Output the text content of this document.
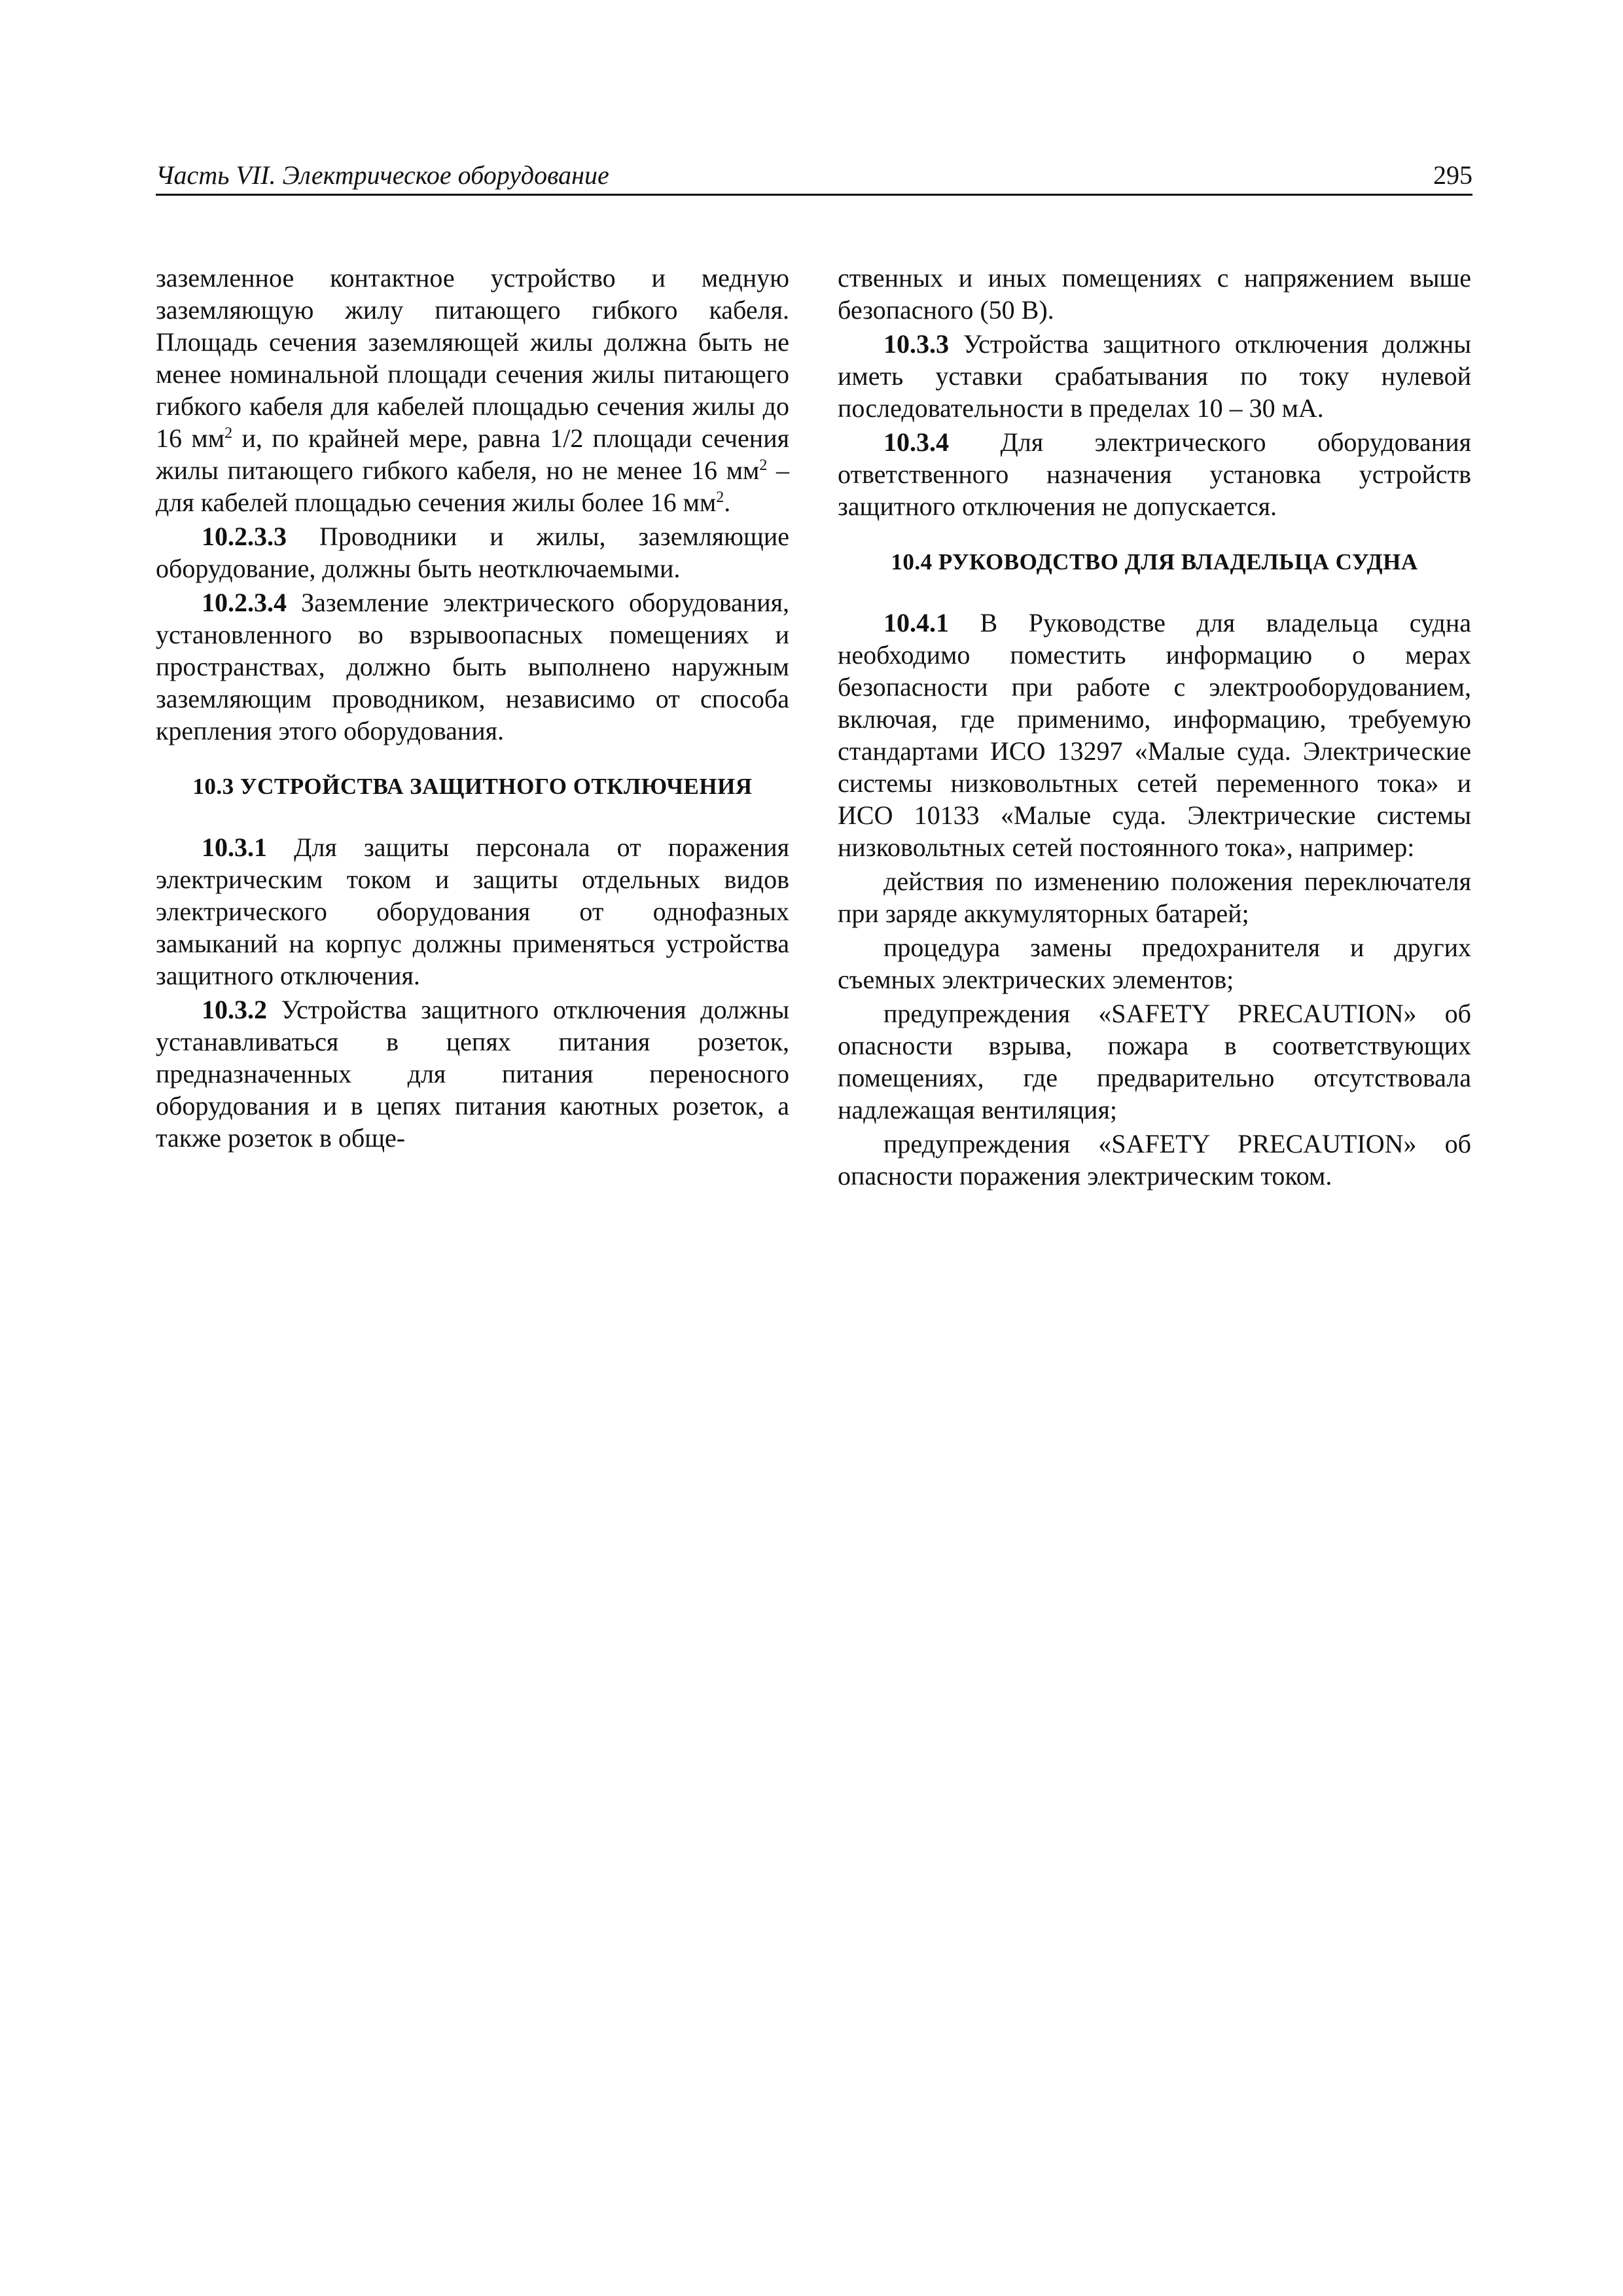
Часть VII. Электрическое оборудование	295

заземленное контактное устройство и медную заземляющую жилу питающего гибкого кабеля. Площадь сечения заземляющей жилы должна быть не менее номинальной площади сечения жилы питающего гибкого кабеля для кабелей площадью сечения жилы до 16 $мм^2$ и, по крайней мере, равна 1/2 площади сечения жилы питающего гибкого кабеля, но не менее 16 $мм^2$ – для кабелей площадью сечения жилы более 16 $мм^2$.

10.2.3.3 Проводники и жилы, заземляющие оборудование, должны быть неотключаемыми.

10.2.3.4 Заземление электрического оборудования, установленного во взрывоопасных помещениях и пространствах, должно быть выполнено наружным заземляющим проводником, независимо от способа крепления этого оборудования.

10.3 УСТРОЙСТВА ЗАЩИТНОГО ОТКЛЮЧЕНИЯ

10.3.1 Для защиты персонала от поражения электрическим током и защиты отдельных видов электрического оборудования от однофазных замыканий на корпус должны применяться устройства защитного отключения.

10.3.2 Устройства защитного отключения должны устанавливаться в цепях питания розеток, предназначенных для питания переносного оборудования и в цепях питания каютных розеток, а также розеток в обще-

ственных и иных помещениях с напряжением выше безопасного (50 В).

10.3.3 Устройства защитного отключения должны иметь уставки срабатывания по току нулевой последовательности в пределах 10 – 30 мА.

10.3.4 Для электрического оборудования ответственного назначения установка устройств защитного отключения не допускается.

10.4 РУКОВОДСТВО ДЛЯ ВЛАДЕЛЬЦА СУДНА

10.4.1 В Руководстве для владельца судна необходимо поместить информацию о мерах безопасности при работе с электрооборудованием, включая, где применимо, информацию, требуемую стандартами ИСО 13297 «Малые суда. Электрические системы низковольтных сетей переменного тока» и ИСО 10133 «Малые суда. Электрические системы низковольтных сетей постоянного тока», например:

действия по изменению положения переключателя при заряде аккумуляторных батарей;

процедура замены предохранителя и других съемных электрических элементов;

предупреждения «SAFETY PRECAUTION» об опасности взрыва, пожара в соответствующих помещениях, где предварительно отсутствовала надлежащая вентиляция;

предупреждения «SAFETY PRECAUTION» об опасности поражения электрическим током.
